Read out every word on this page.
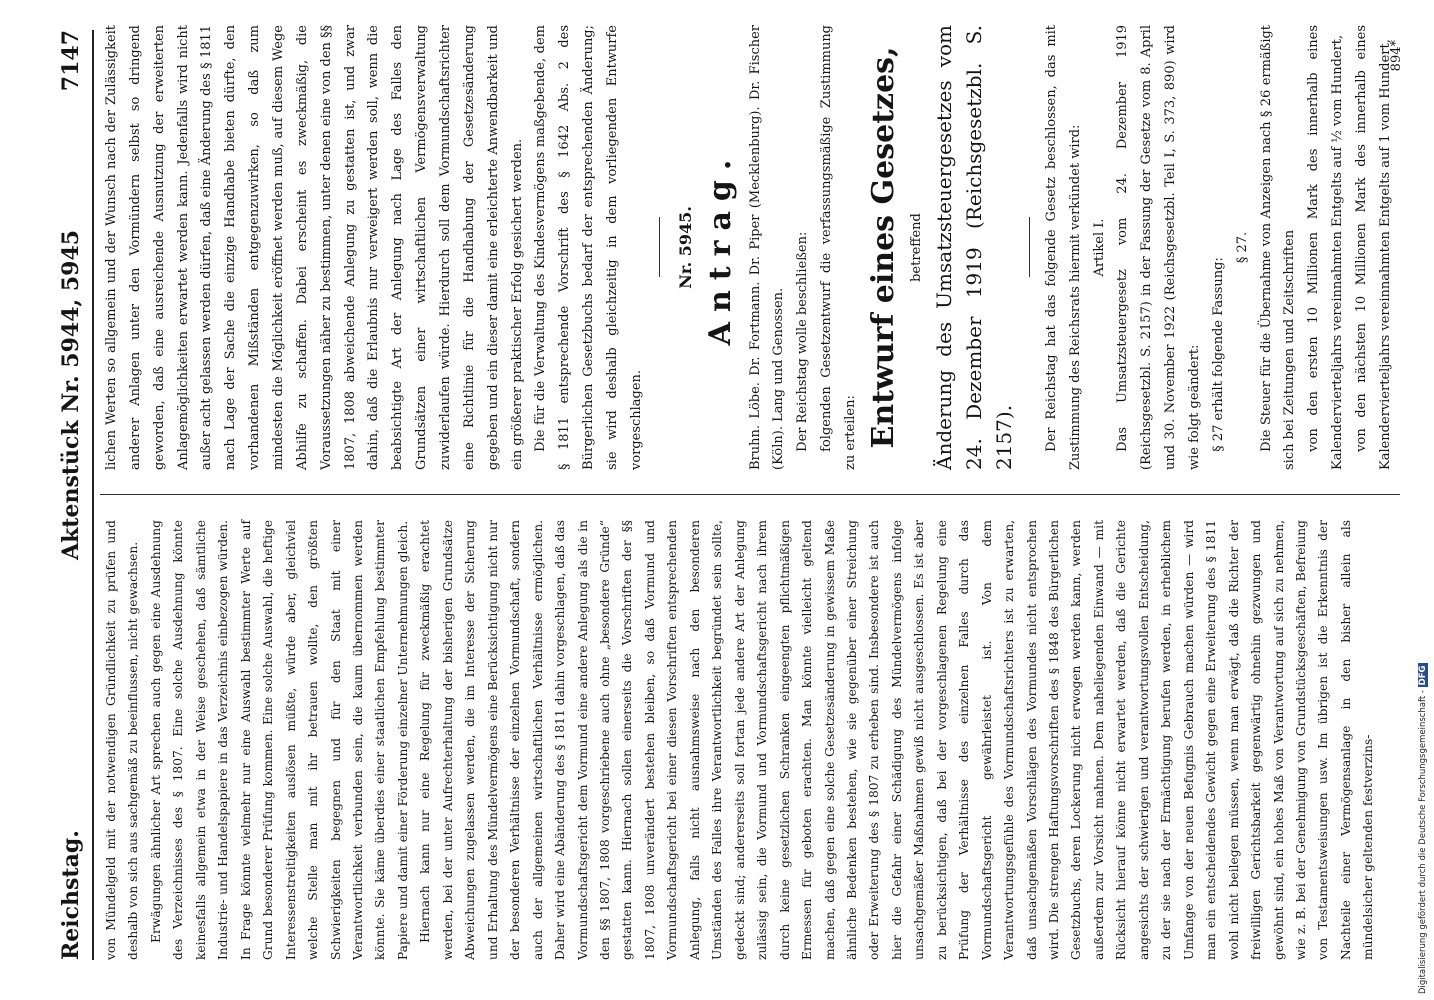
Reichstag.
Aktenstück Nr. 5944, 5945
7147

von Mündelgeld mit der notwendigen Gründlichkeit zu prüfen und deshalb von sich aus sachgemäß zu beeinflussen, nicht gewachsen. Erwägungen ähnlicher Art sprechen auch gegen eine Ausdehnung des Verzeichnisses des § 1807. Eine solche Ausdehnung könnte keinesfalls allgemein etwa in der Weise geschehen, daß sämtliche Industrie- und Handelspapiere in das Verzeichnis einbezogen würden. In Frage könnte vielmehr nur eine Auswahl bestimmter Werte auf Grund besonderer Prüfung kommen. Eine solche Auswahl, die heftige Interessenstreitigkeiten auslösen müßte, würde aber, gleichviel welche Stelle man mit ihr betrauen wollte, den größten Schwierigkeiten begegnen und für den Staat mit einer Verantwortlichkeit verbunden sein, die kaum übernommen werden könnte. Sie käme überdies einer staatlichen Empfehlung bestimmter Papiere und damit einer Förderung einzelner Unternehmungen gleich. Hiernach kann nur eine Regelung für zweckmäßig erachtet werden, bei der unter Aufrechterhaltung der bisherigen Grundsätze Abweichungen zugelassen werden, die im Interesse der Sicherung und Erhaltung des Mündelvermögens eine Berücksichtigung nicht nur der besonderen Verhältnisse der einzelnen Vormundschaft, sondern auch der allgemeinen wirtschaftlichen Verhältnisse ermöglichen. Daher wird eine Abänderung des § 1811 dahin vorgeschlagen, daß das Vormundschaftsgericht dem Vormund eine andere Anlegung als die in den §§ 1807, 1808 vorgeschriebene auch ohne „besondere Gründe“ gestatten kann. Hiernach sollen einerseits die Vorschriften der §§ 1807, 1808 unverändert bestehen bleiben, so daß Vormund und Vormundschaftsgericht bei einer diesen Vorschriften entsprechenden Anlegung, falls nicht ausnahmsweise nach den besonderen Umständen des Falles ihre Verantwortlichkeit begründet sein sollte, gedeckt sind; andererseits soll fortan jede andere Art der Anlegung zulässig sein, die Vormund und Vormundschaftsgericht nach ihrem durch keine gesetzlichen Schranken eingeengten pflichtmäßigen Ermessen für geboten erachten. Man könnte vielleicht geltend machen, daß gegen eine solche Gesetzesänderung in gewissem Maße ähnliche Bedenken bestehen, wie sie gegenüber einer Streichung oder Erweiterung des § 1807 zu erheben sind. Insbesondere ist auch hier die Gefahr einer Schädigung des Mündelvermögens infolge unsachgemäßer Maßnahmen gewiß nicht ausgeschlossen. Es ist aber zu berücksichtigen, daß bei der vorgeschlagenen Regelung eine Prüfung der Verhältnisse des einzelnen Falles durch das Vormundschaftsgericht gewährleistet ist. Von dem Verantwortungsgefühle des Vormundschaftsrichters ist zu erwarten, daß unsachgemäßen Vorschlägen des Vormundes nicht entsprochen wird. Die strengen Haftungsvorschriften des § 1848 des Bürgerlichen Gesetzbuchs, deren Lockerung nicht erwogen werden kann, werden außerdem zur Vorsicht mahnen. Dem naheliegenden Einwand — mit Rücksicht hierauf könne nicht erwartet werden, daß die Gerichte angesichts der schwierigen und verantwortungsvollen Entscheidung, zu der sie nach der Ermächtigung berufen werden, in erheblichem Umfange von der neuen Befugnis Gebrauch machen würden — wird man ein entscheidendes Gewicht gegen eine Erweiterung des § 1811 wohl nicht beilegen müssen, wenn man erwägt, daß die Richter der freiwilligen Gerichtsbarkeit gegenwärtig ohnehin gezwungen und gewöhnt sind, ein hohes Maß von Verantwortung auf sich zu nehmen, wie z. B. bei der Genehmigung von Grundstücksgeschäften, Befreiung von Testamentsweisungen usw. Im übrigen ist die Erkenntnis der Nachteile einer Vermögensanlage in den bisher allein als mündelsicher geltenden festverzins-

lichen Werten so allgemein und der Wunsch nach der Zulässigkeit anderer Anlagen unter den Vormündern selbst so dringend geworden, daß eine ausreichende Ausnutzung der erweiterten Anlagemöglichkeiten erwartet werden kann. Jedenfalls wird nicht außer acht gelassen werden dürfen, daß eine Änderung des § 1811 nach Lage der Sache die einzige Handhabe bieten dürfte, den vorhandenen Mißständen entgegenzuwirken, so daß zum mindesten die Möglichkeit eröffnet werden muß, auf diesem Wege Abhilfe zu schaffen. Dabei erscheint es zweckmäßig, die Voraussetzungen näher zu bestimmen, unter denen eine von den §§ 1807, 1808 abweichende Anlegung zu gestatten ist, und zwar dahin, daß die Erlaubnis nur verweigert werden soll, wenn die beabsichtigte Art der Anlegung nach Lage des Falles den Grundsätzen einer wirtschaftlichen Vermögensverwaltung zuwiderlaufen würde. Hierdurch soll dem Vormundschaftsrichter eine Richtlinie für die Handhabung der Gesetzesänderung gegeben und ein dieser damit eine erleichterte Anwendbarkeit und ein größerer praktischer Erfolg gesichert werden. Die für die Verwaltung des Kindesvermögens maßgebende, dem § 1811 entsprechende Vorschrift des § 1642 Abs. 2 des Bürgerlichen Gesetzbuchs bedarf der entsprechenden Änderung; sie wird deshalb gleichzeitig in dem vorliegenden Entwurfe vorgeschlagen.

Nr. 5945. Antrag. Bruhn. Löbe. Dr. Fortmann. Dr. Piper (Mecklenburg). Dr. Fischer (Köln). Lang und Genossen. Der Reichstag wolle beschließen: folgenden Gesetzentwurf die verfassungsmäßige Zustimmung zu erteilen: Entwurf eines Gesetzes, betreffend Änderung des Umsatzsteuergesetzes vom 24. Dezember 1919 (Reichsgesetzbl. S. 2157).	Der Reichstag hat das folgende Gesetz beschlossen, das mit Zustimmung des Reichsrats hiermit verkündet wird: Artikel I. Das Umsatzsteuergesetz vom 24. Dezember 1919 (Reichsgesetzbl. S. 2157) in der Fassung der Gesetze vom 8. April und 30. November 1922 (Reichsgesetzbl. Teil I, S. 373, 890) wird wie folgt geändert: § 27 erhält folgende Fassung:

§ 27. Die Steuer für die Übernahme von Anzeigen nach § 26 ermäßigt sich bei Zeitungen und Zeitschriften von den ersten 10 Millionen Mark des innerhalb eines Kalendervierteljahrs vereinnahmten Entgelts auf ½ vom Hundert, von den nächsten 10 Millionen Mark des innerhalb eines Kalendervierteljahrs vereinnahmten Entgelts auf 1 vom Hundert,

894*
Digitalisierung gefördert durch die Deutsche Forschungsgemeinschaft - DFG
